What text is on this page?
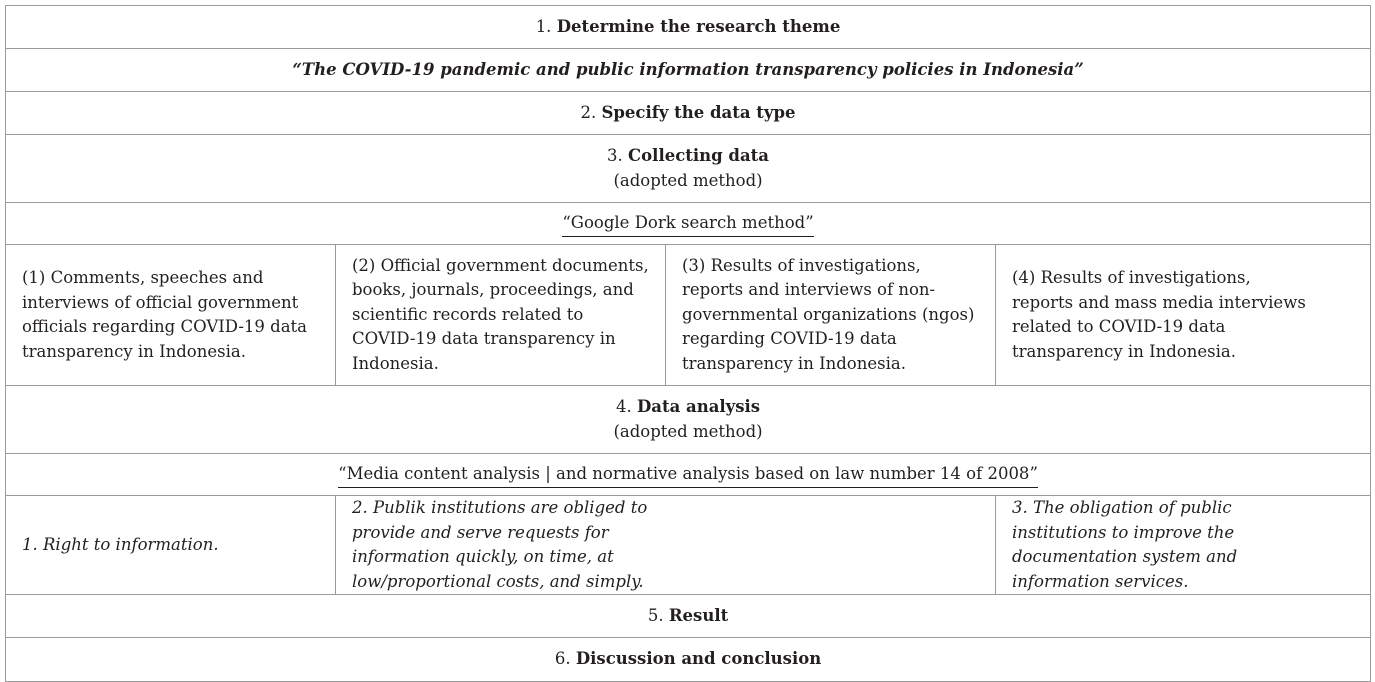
1. Determine the research theme			
“The COVID-19 pandemic and public information transparency policies in Indonesia”			
2. Specify the data type			
3. Collecting data
(adopted method)			

“Google Dork search method”			
(1) Comments, speeches and interviews of official government officials regarding COVID-19 data transparency in Indonesia.	(2) Official government documents, books, journals, proceedings, and scientific records related to COVID-19 data transparency in Indonesia.	(3) Results of investigations, reports and interviews of non-governmental organizations (ngos) regarding COVID-19 data transparency in Indonesia.	(4) Results of investigations, reports and mass media interviews related to COVID-19 data transparency in Indonesia.
4. Data analysis
(adopted method)			

“Media content analysis | and normative analysis based on law number 14 of 2008”			
1. Right to information.	2. Publik institutions are obliged to provide and serve requests for information quickly, on time, at low/proportional costs, and simply.		3. The obligation of public institutions to improve the documentation system and information services.
5. Result			
6. Discussion and conclusion			
